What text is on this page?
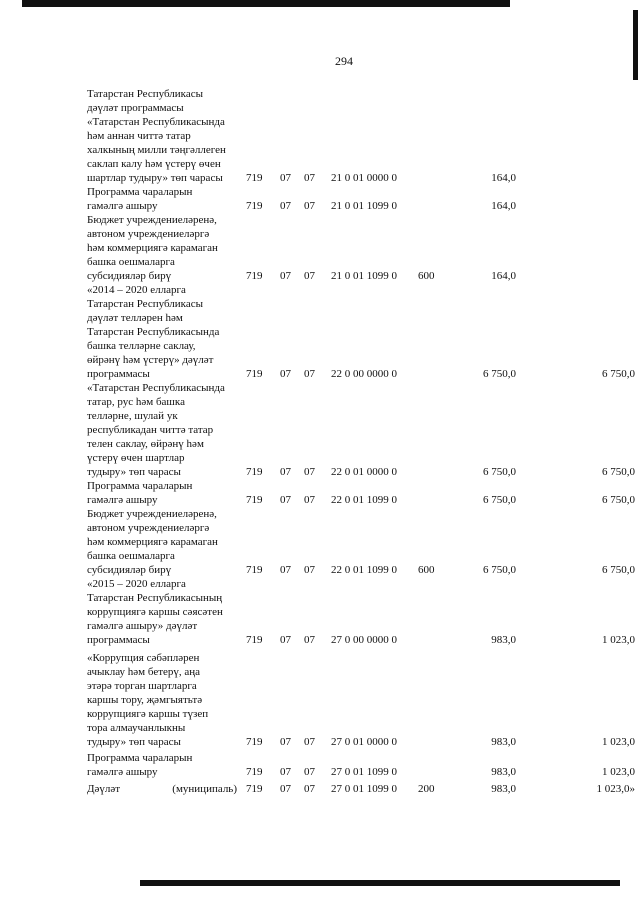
294
Татарстан Республикасы
дәүләт программасы
«Татарстан Республикасында
һәм аннан читтә татар
халкының милли тәңгәллеген
саклап калу һәм үстерү өчен
шартлар тудыру» төп чарасы	719 07 07 21 0 01 0000 0	164,0
Программа чараларын
гамәлгә ашыру	719 07 07 21 0 01 1099 0	164,0
Бюджет учреждениеләренә,
автоном учреждениеләргә
һәм коммерциягә карамаган
башка оешмаларга
субсидияләр бирү	719 07 07 21 0 01 1099 0 600	164,0
«2014 – 2020 елларга
Татарстан Республикасы
дәүләт телләрен һәм
Татарстан Республикасында
башка телләрне саклау,
өйрәнү һәм үстерү» дәүләт
программасы	719 07 07 22 0 00 0000 0	6 750,0	6 750,0
«Татарстан Республикасында
татар, рус һәм башка
телләрне, шулай ук
республикадан читтә татар
телен саклау, өйрәнү һәм
үстерү өчен шартлар
тудыру» төп чарасы	719 07 07 22 0 01 0000 0	6 750,0	6 750,0
Программа чараларын
гамәлгә ашыру	719 07 07 22 0 01 1099 0	6 750,0	6 750,0
Бюджет учреждениеләренә,
автоном учреждениеләргә
һәм коммерциягә карамаган
башка оешмаларга
субсидияләр бирү	719 07 07 22 0 01 1099 0 600	6 750,0	6 750,0
«2015 – 2020 елларга
Татарстан Республикасының
коррупциягә каршы сәясәтен
гамәлгә ашыру» дәүләт
программасы	719 07 07 27 0 00 0000 0	983,0	1 023,0
«Коррупция сәбәпләрен
ачыклау һәм бетерү, аңа
этәрә торган шартларга
каршы тору, җәмгыятьтә
коррупциягә каршы түзеп
тора алмаучанлыкны
тудыру» төп чарасы	719 07 07 27 0 01 0000 0	983,0	1 023,0
Программа чараларын
гамәлгә ашыру	719 07 07 27 0 01 1099 0	983,0	1 023,0
Дәүләт (муниципаль) 719 07 07 27 0 01 1099 0 200	983,0	1 023,0»
